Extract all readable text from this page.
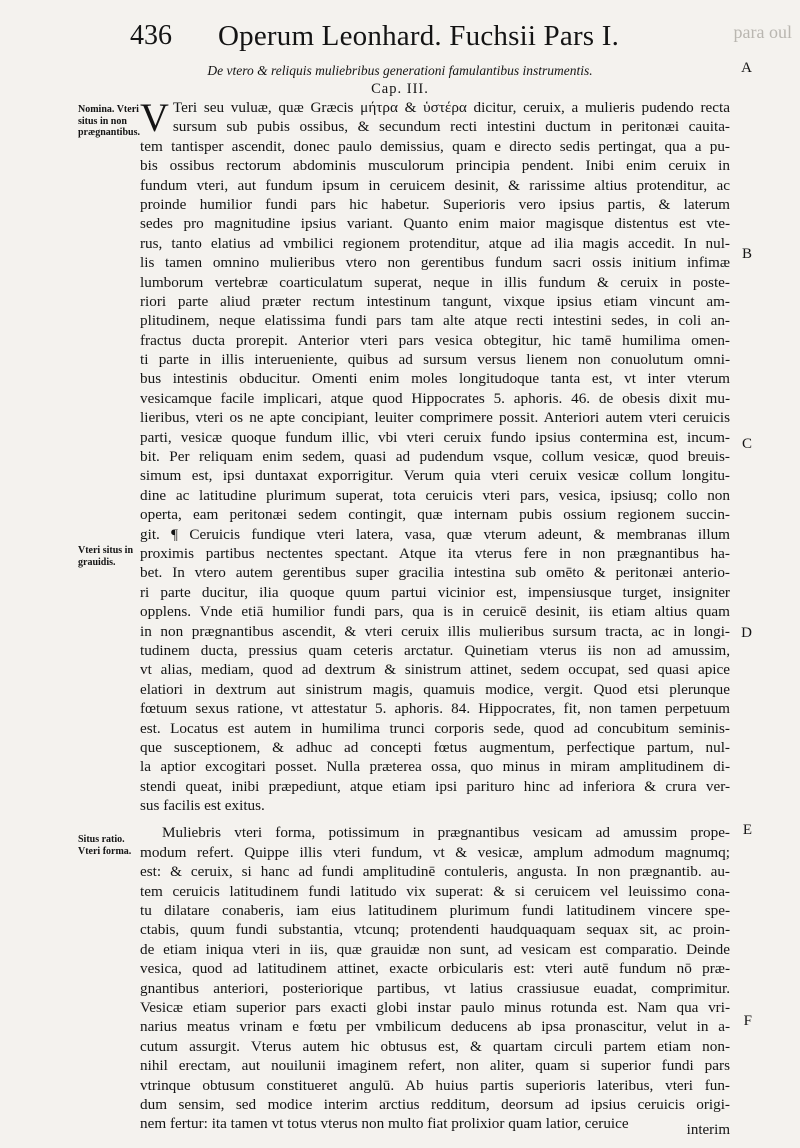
436 Operum Leonhard. Fuchsii Pars I.	para oul
De vtero & reliquis muliebribus generationi famulantibus instrumentis.
Cap. III.
Nomina. Vteri situs in non prægnantibus.
Vteri situs in grauidis.
Situs ratio. Vteri forma.
A
B
C
D
E
F
V Teri seu vuluæ, quæ Græcis μήτρα & ὑστέρα dicitur, ceruix, a mulieris pudendo recta
sursum sub pubis ossibus, & secundum recti intestini ductum in peritonæi cauita-
tem tantisper ascendit, donec paulo demissius, quam e directo sedis pertingat, qua a pu-
bis ossibus rectorum abdominis musculorum principia pendent. Inibi enim ceruix in
fundum vteri, aut fundum ipsum in ceruicem desinit, & rarissime altius protenditur, ac
proinde humilior fundi pars hic habetur. Superioris vero ipsius partis, & laterum
sedes pro magnitudine ipsius variant. Quanto enim maior magisque distentus est vte-
rus, tanto elatius ad vmbilici regionem protenditur, atque ad ilia magis accedit. In nul-
lis tamen omnino mulieribus vtero non gerentibus fundum sacri ossis initium infimæ
lumborum vertebræ coarticulatum superat, neque in illis fundum & ceruix in poste-
riori parte aliud præter rectum intestinum tangunt, vixque ipsius etiam vincunt am-
plitudinem, neque elatissima fundi pars tam alte atque recti intestini sedes, in coli an-
fractus ducta prorepit. Anterior vteri pars vesica obtegitur, hic tamē humilima omen-
ti parte in illis interueniente, quibus ad sursum versus lienem non conuolutum omni-
bus intestinis obducitur. Omenti enim moles longitudoque tanta est, vt inter vterum
vesicamque facile implicari, atque quod Hippocrates 5. aphoris. 46. de obesis dixit mu-
lieribus, vteri os ne apte concipiant, leuiter comprimere possit. Anteriori autem vteri ceruicis
parti, vesicæ quoque fundum illic, vbi vteri ceruix fundo ipsius contermina est, incum-
bit. Per reliquam enim sedem, quasi ad pudendum vsque, collum vesicæ, quod breuis-
simum est, ipsi duntaxat exporrigitur. Verum quia vteri ceruix vesicæ collum longitu-
dine ac latitudine plurimum superat, tota ceruicis vteri pars, vesica, ipsiusq; collo non
operta, eam peritonæi sedem contingit, quæ internam pubis ossium regionem succin-
git. ¶ Ceruicis fundique vteri latera, vasa, quæ vterum adeunt, & membranas illum
proximis partibus nectentes spectant. Atque ita vterus fere in non prægnantibus ha-
bet. In vtero autem gerentibus super gracilia intestina sub omēto & peritonæi anterio-
ri parte ducitur, ilia quoque quum partui vicinior est, impensiusque turget, insigniter
opplens. Vnde etiā humilior fundi pars, qua is in ceruicē desinit, iis etiam altius quam
in non prægnantibus ascendit, & vteri ceruix illis mulieribus sursum tracta, ac in longi-
tudinem ducta, pressius quam ceteris arctatur. Quinetiam vterus iis non ad amussim,
vt alias, mediam, quod ad dextrum & sinistrum attinet, sedem occupat, sed quasi apice
elatiori in dextrum aut sinistrum magis, quamuis modice, vergit. Quod etsi plerunque
fœtuum sexus ratione, vt attestatur 5. aphoris. 84. Hippocrates, fit, non tamen perpetuum
est. Locatus est autem in humilima trunci corporis sede, quod ad concubitum seminis-
que susceptionem, & adhuc ad concepti fœtus augmentum, perfectique partum, nul-
la aptior excogitari posset. Nulla præterea ossa, quo minus in miram amplitudinem di-
stendi queat, inibi præpediunt, atque etiam ipsi parituro hinc ad inferiora & crura ver-
sus facilis est exitus.
Muliebris vteri forma, potissimum in prægnantibus vesicam ad amussim prope-
modum refert. Quippe illis vteri fundum, vt & vesicæ, amplum admodum magnumq;
est: & ceruix, si hanc ad fundi amplitudinē contuleris, angusta. In non prægnantib. au-
tem ceruicis latitudinem fundi latitudo vix superat: & si ceruicem vel leuissimo cona-
tu dilatare conaberis, iam eius latitudinem plurimum fundi latitudinem vincere spe-
ctabis, quum fundi substantia, vtcunq; protendenti haudquaquam sequax sit, ac proin-
de etiam iniqua vteri in iis, quæ grauidæ non sunt, ad vesicam est comparatio. Deinde
vesica, quod ad latitudinem attinet, exacte orbicularis est: vteri autē fundum nō præ-
gnantibus anteriori, posteriorique partibus, vt latius crassiusue euadat, comprimitur.
Vesicæ etiam superior pars exacti globi instar paulo minus rotunda est. Nam qua vri-
narius meatus vrinam e fœtu per vmbilicum deducens ab ipsa pronascitur, velut in a-
cutum assurgit. Vterus autem hic obtusus est, & quartam circuli partem etiam non-
nihil erectam, aut nouilunii imaginem refert, non aliter, quam si superior fundi pars
vtrinque obtusum constitueret angulū. Ab huius partis superioris lateribus, vteri fun-
dum sensim, sed modice interim arctius redditum, deorsum ad ipsius ceruicis origi-
nem fertur: ita tamen vt totus vterus non multo fiat prolixior quam latior, ceruice	interim
